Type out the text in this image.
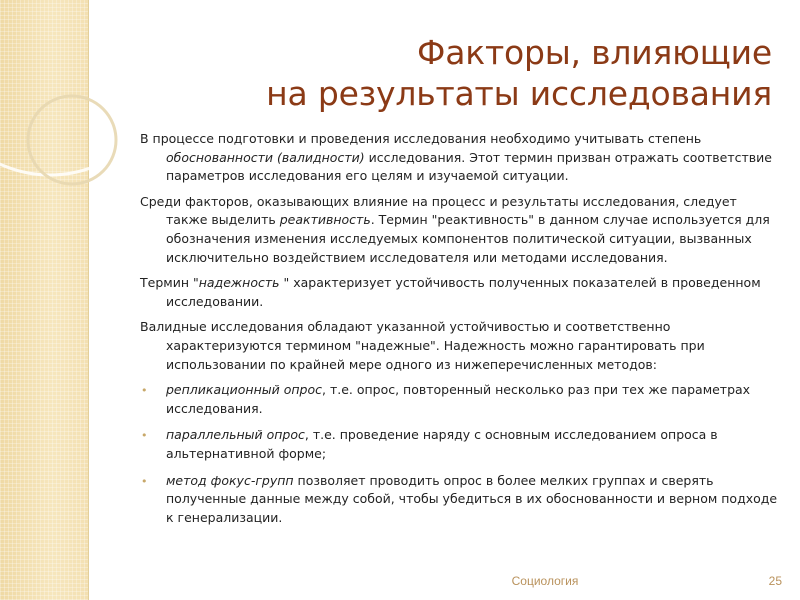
Факторы, влияющие
на результаты исследования

В процессе подготовки и проведения исследования необходимо учитывать степень обоснованности (валидности) исследования. Этот термин призван отражать соответствие параметров исследования его целям и изучаемой ситуации.

Среди факторов, оказывающих влияние на процесс и результаты исследования, следует также выделить реактивность. Термин "реактивность" в данном случае используется для обозначения изменения исследуемых компонентов политической ситуации, вызванных исключительно воздействием исследователя или методами исследования.

Термин "надежность " характеризует устойчивость полученных показателей в проведенном исследовании.

Валидные исследования обладают указанной устойчивостью и соответственно характеризуются термином "надежные". Надежность можно гарантировать при использовании по крайней мере одного из нижеперечисленных методов:

•	репликационный опрос, т.е. опрос, повторенный несколько раз при тех же параметрах исследования.
•	параллельный опрос, т.е. проведение наряду с основным исследованием опроса в альтернативной форме;
•	метод фокус-групп позволяет проводить опрос в более мелких группах и сверять полученные данные между собой, чтобы убедиться в их обоснованности и верном подходе к генерализации.
Социология	25
